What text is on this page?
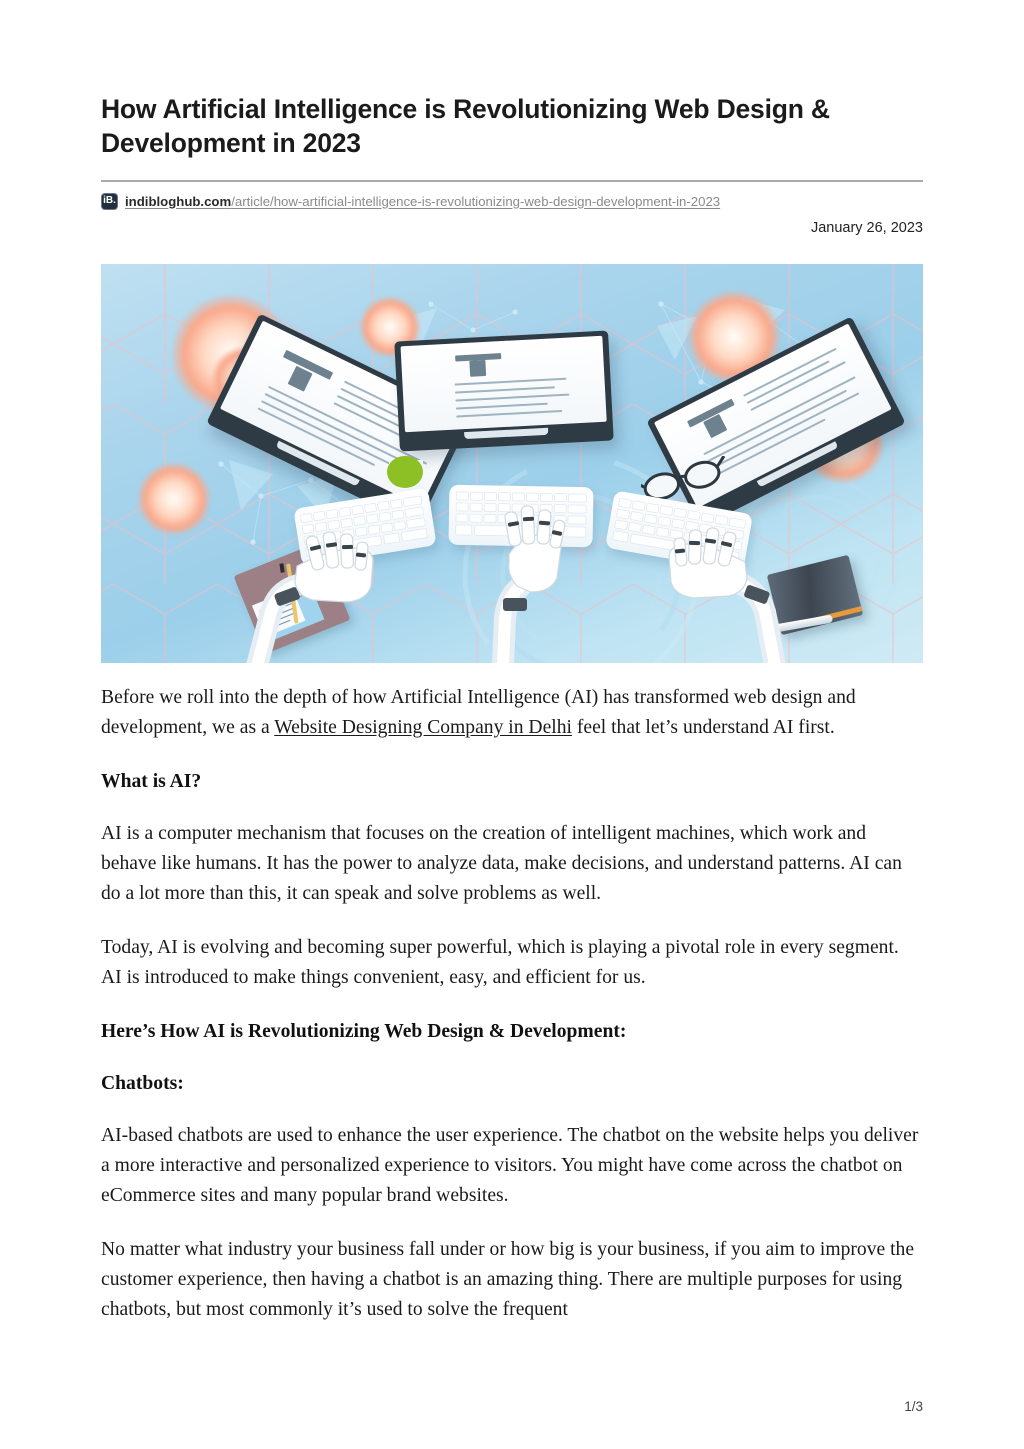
How Artificial Intelligence is Revolutionizing Web Design & Development in 2023
iB. indibloghub.com/article/how-artificial-intelligence-is-revolutionizing-web-design-development-in-2023
January 26, 2023

Before we roll into the depth of how Artificial Intelligence (AI) has transformed web design and development, we as a Website Designing Company in Delhi feel that let’s understand AI first.

What is AI?

AI is a computer mechanism that focuses on the creation of intelligent machines, which work and behave like humans. It has the power to analyze data, make decisions, and understand patterns. AI can do a lot more than this, it can speak and solve problems as well.

Today, AI is evolving and becoming super powerful, which is playing a pivotal role in every segment. AI is introduced to make things convenient, easy, and efficient for us.

Here’s How AI is Revolutionizing Web Design & Development:
Chatbots:

AI-based chatbots are used to enhance the user experience. The chatbot on the website helps you deliver a more interactive and personalized experience to visitors. You might have come across the chatbot on eCommerce sites and many popular brand websites.

No matter what industry your business fall under or how big is your business, if you aim to improve the customer experience, then having a chatbot is an amazing thing. There are multiple purposes for using chatbots, but most commonly it’s used to solve the frequent

1/3
